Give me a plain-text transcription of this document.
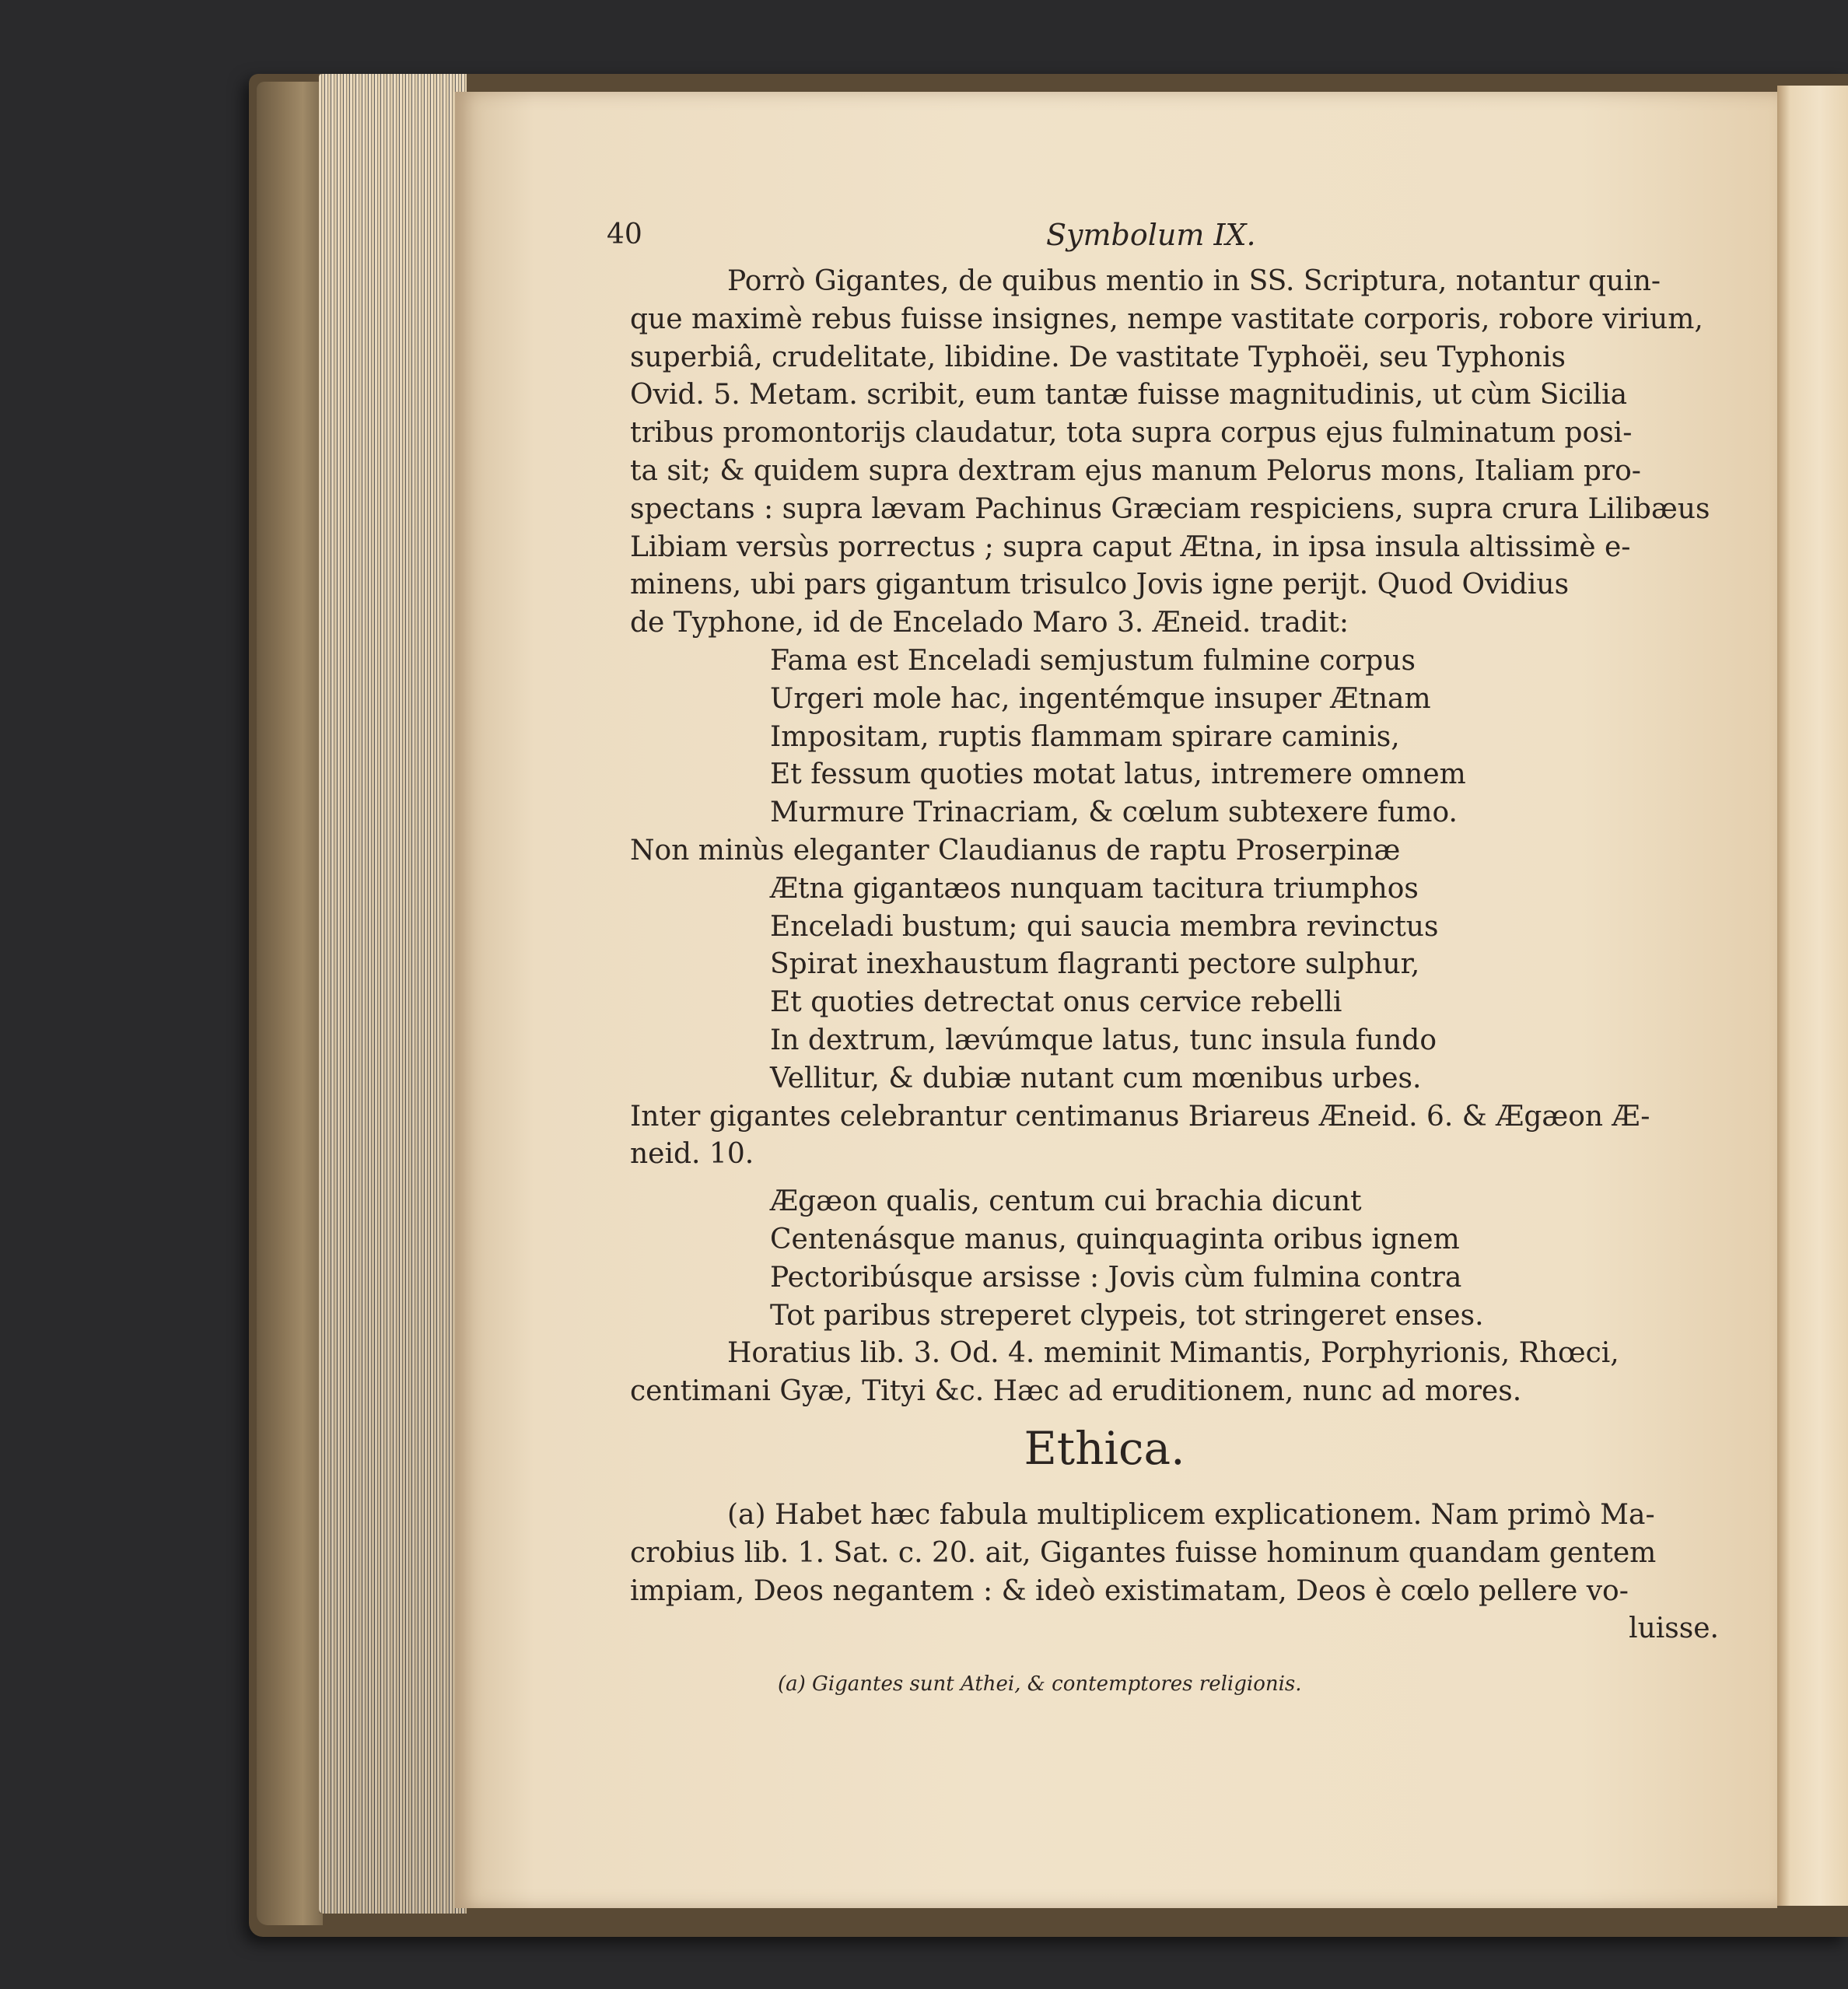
40	Symbolum IX.

Porrò Gigantes, de quibus mentio in SS. Scriptura, notantur quin-

que maximè rebus fuisse insignes, nempe vastitate corporis, robore virium,

superbiâ, crudelitate, libidine. De vastitate Typhoëi, seu Typhonis

Ovid. 5. Metam. scribit, eum tantæ fuisse magnitudinis, ut cùm Sicilia

tribus promontorijs claudatur, tota supra corpus ejus fulminatum posi-

ta sit; & quidem supra dextram ejus manum Pelorus mons, Italiam pro-

spectans : supra lævam Pachinus Græciam respiciens, supra crura Lilibæus

Libiam versùs porrectus ; supra caput Ætna, in ipsa insula altissimè e-

minens, ubi pars gigantum trisulco Jovis igne perijt. Quod Ovidius

de Typhone, id de Encelado Maro 3. Æneid. tradit:

Fama est Enceladi semjustum fulmine corpus

Urgeri mole hac, ingentémque insuper Ætnam

Impositam, ruptis flammam spirare caminis,

Et fessum quoties motat latus, intremere omnem

Murmure Trinacriam, & cœlum subtexere fumo.

Non minùs eleganter Claudianus de raptu Proserpinæ

Ætna gigantæos nunquam tacitura triumphos

Enceladi bustum; qui saucia membra revinctus

Spirat inexhaustum flagranti pectore sulphur,

Et quoties detrectat onus cervice rebelli

In dextrum, lævúmque latus, tunc insula fundo

Vellitur, & dubiæ nutant cum mœnibus urbes.

Inter gigantes celebrantur centimanus Briareus Æneid. 6. & Ægæon Æ-

neid. 10.

Ægæon qualis, centum cui brachia dicunt

Centenásque manus, quinquaginta oribus ignem

Pectoribúsque arsisse : Jovis cùm fulmina contra

Tot paribus streperet clypeis, tot stringeret enses.

Horatius lib. 3. Od. 4. meminit Mimantis, Porphyrionis, Rhœci,

centimani Gyæ, Tityi &c. Hæc ad eruditionem, nunc ad mores.

Ethica.

(a) Habet hæc fabula multiplicem explicationem. Nam primò Ma-

crobius lib. 1. Sat. c. 20. ait, Gigantes fuisse hominum quandam gentem

impiam, Deos negantem : & ideò existimatam, Deos è cœlo pellere vo-

luisse.

(a) Gigantes sunt Athei, & contemptores religionis.
